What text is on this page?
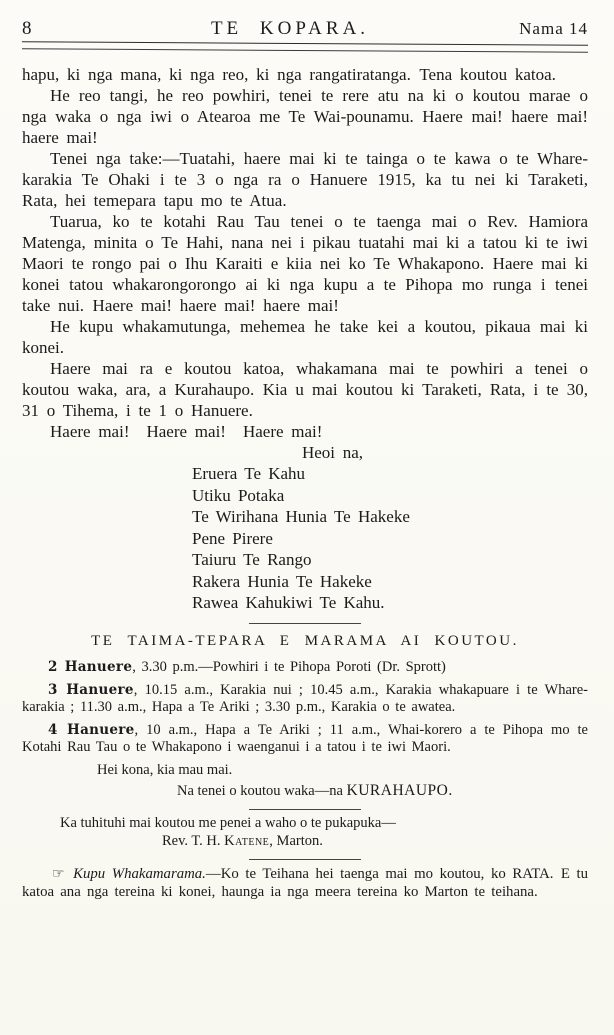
8	TE KOPARA.	Nama 14

hapu, ki nga mana, ki nga reo, ki nga rangatiratanga. Tena koutou katoa.

He reo tangi, he reo powhiri, tenei te rere atu na ki o koutou marae o nga waka o nga iwi o Atearoa me Te Wai-pounamu. Haere mai! haere mai! haere mai!

Tenei nga take:—Tuatahi, haere mai ki te tainga o te kawa o te Whare-karakia Te Ohaki i te 3 o nga ra o Hanuere 1915, ka tu nei ki Taraketi, Rata, hei temepara tapu mo te Atua.

Tuarua, ko te kotahi Rau Tau tenei o te taenga mai o Rev. Hamiora Matenga, minita o Te Hahi, nana nei i pikau tuatahi mai ki a tatou ki te iwi Maori te rongo pai o Ihu Karaiti e kiia nei ko Te Whakapono. Haere mai ki konei tatou whakarongorongo ai ki nga kupu a te Pihopa mo runga i tenei take nui. Haere mai! haere mai! haere mai!

He kupu whakamutunga, mehemea he take kei a koutou, pikaua mai ki konei.

Haere mai ra e koutou katoa, whakamana mai te powhiri a tenei o koutou waka, ara, a Kurahaupo. Kia u mai koutou ki Taraketi, Rata, i te 30, 31 o Tihema, i te 1 o Hanuere.

Haere mai! Haere mai! Haere mai!

Heoi na,

Eruera Te Kahu
Utiku Potaka
Te Wirihana Hunia Te Hakeke
Pene Pirere
Taiuru Te Rango
Rakera Hunia Te Hakeke
Rawea Kahukiwi Te Kahu.
TE TAIMA-TEPARA E MARAMA AI KOUTOU.

2 Hanuere, 3.30 p.m.—Powhiri i te Pihopa Poroti (Dr. Sprott)

3 Hanuere, 10.15 a.m., Karakia nui ; 10.45 a.m., Karakia whakapuare i te Whare-karakia ; 11.30 a.m., Hapa a Te Ariki ; 3.30 p.m., Karakia o te awatea.

4 Hanuere, 10 a.m., Hapa a Te Ariki ; 11 a.m., Whai-korero a te Pihopa mo te Kotahi Rau Tau o te Whakapono i waenganui i a tatou i te iwi Maori.

Hei kona, kia mau mai.

Na tenei o koutou waka—na KURAHAUPO.

Ka tuhituhi mai koutou me penei a waho o te pukapuka—

Rev. T. H. Katene, Marton.

☞ Kupu Whakamarama.—Ko te Teihana hei taenga mai mo koutou, ko RATA. E tu katoa ana nga tereina ki konei, haunga ia nga meera tereina ko Marton te teihana.
